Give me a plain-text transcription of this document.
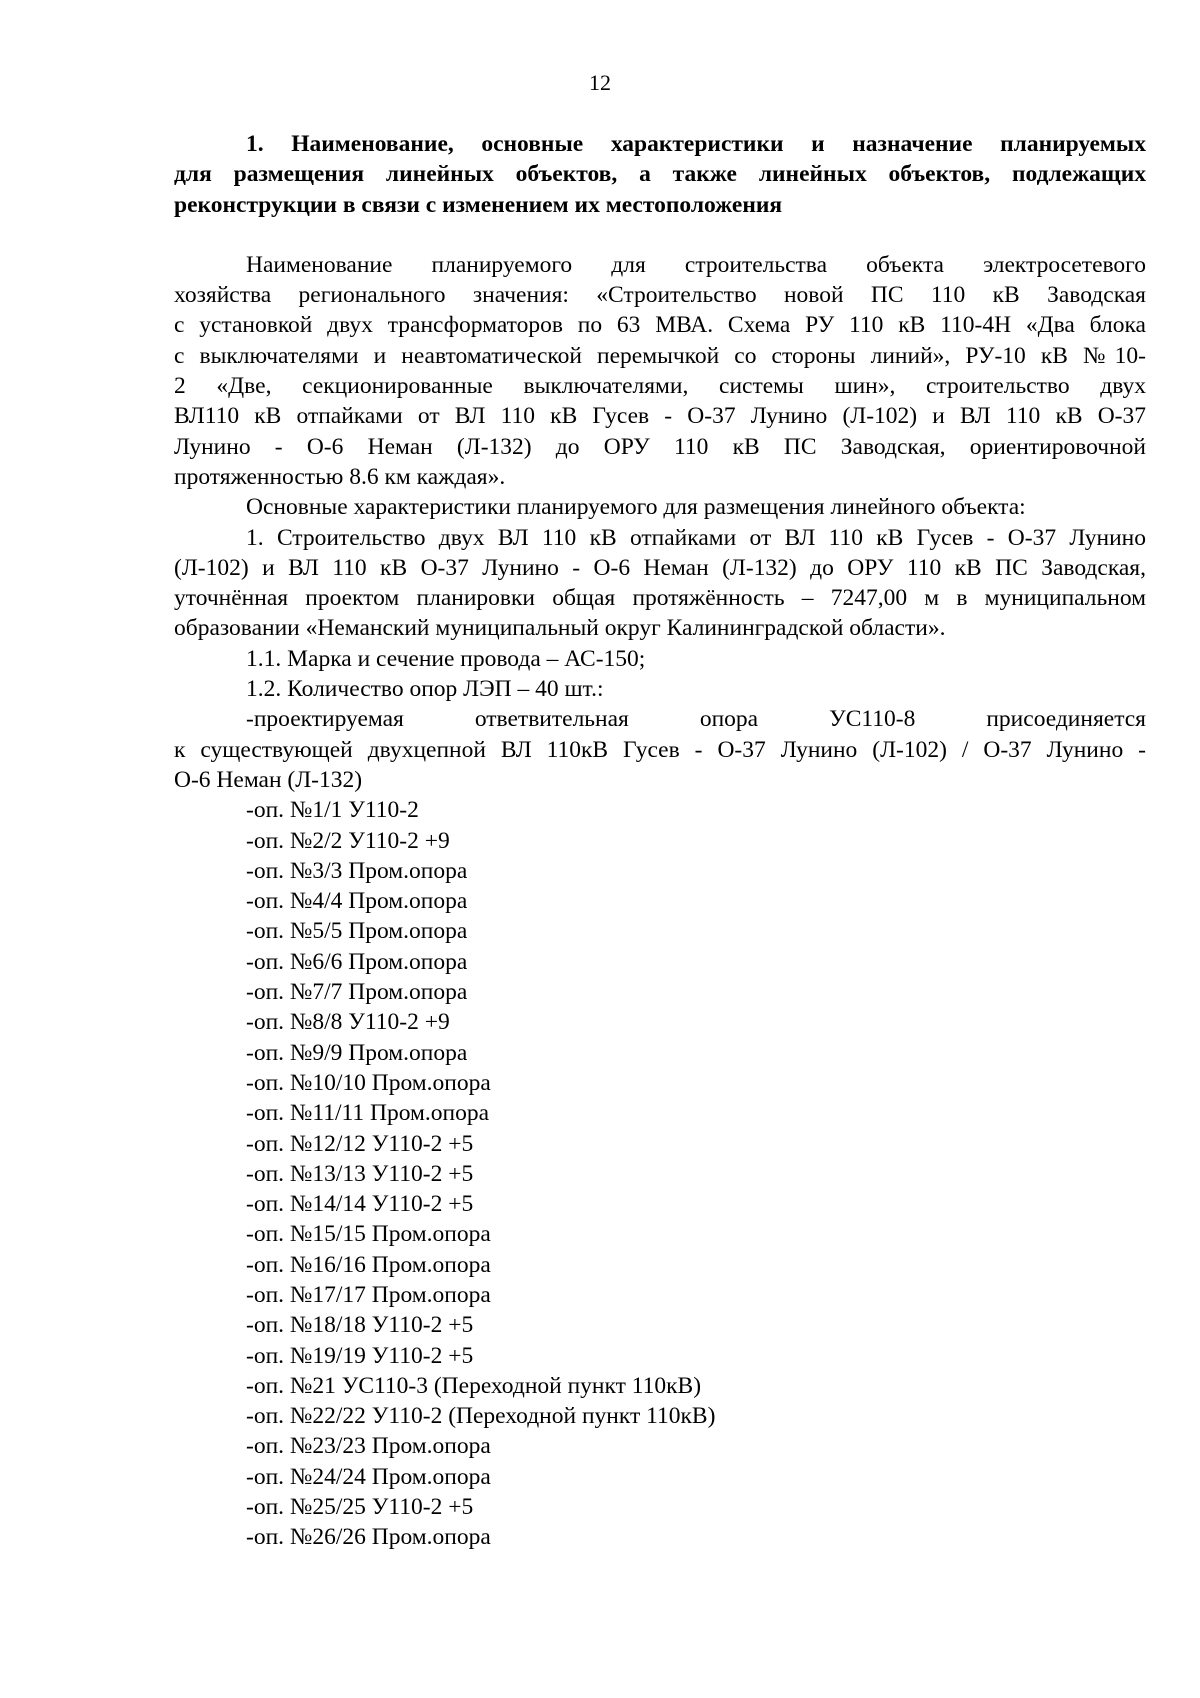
12
1. Наименование, основные характеристики и назначение планируемых
для размещения линейных объектов, а также линейных объектов, подлежащих
реконструкции в связи с изменением их местоположения
Наименование планируемого для строительства объекта электросетевого
хозяйства регионального значения: «Строительство новой ПС 110 кВ Заводская
с установкой двух трансформаторов по 63 МВА. Схема РУ 110 кВ 110-4Н «Два блока
с выключателями и неавтоматической перемычкой со стороны линий», РУ-10 кВ №10-
2 «Две, секционированные выключателями, системы шин», строительство двух
ВЛ110 кВ отпайками от ВЛ 110 кВ Гусев - О-37 Лунино (Л-102) и ВЛ 110 кВ О-37
Лунино - О-6 Неман (Л-132) до ОРУ 110 кВ ПС Заводская, ориентировочной
протяженностью 8.6 км каждая».
Основные характеристики планируемого для размещения линейного объекта:
1. Строительство двух ВЛ 110 кВ отпайками от ВЛ 110 кВ Гусев - О-37 Лунино
(Л-102) и ВЛ 110 кВ О-37 Лунино - О-6 Неман (Л-132) до ОРУ 110 кВ ПС Заводская,
уточнённая проектом планировки общая протяжённость – 7247,00 м в муниципальном
образовании «Неманский муниципальный округ Калининградской области».
1.1. Марка и сечение провода – АС-150;
1.2. Количество опор ЛЭП – 40 шт.:
-проектируемая ответвительная опора УС110-8 присоединяется
к существующей двухцепной ВЛ 110кВ Гусев - О-37 Лунино (Л-102) / О-37 Лунино -
О-6 Неман (Л-132)
-оп. №1/1 У110-2
-оп. №2/2 У110-2 +9
-оп. №3/3 Пром.опора
-оп. №4/4 Пром.опора
-оп. №5/5 Пром.опора
-оп. №6/6 Пром.опора
-оп. №7/7 Пром.опора
-оп. №8/8 У110-2 +9
-оп. №9/9 Пром.опора
-оп. №10/10 Пром.опора
-оп. №11/11 Пром.опора
-оп. №12/12 У110-2 +5
-оп. №13/13 У110-2 +5
-оп. №14/14 У110-2 +5
-оп. №15/15 Пром.опора
-оп. №16/16 Пром.опора
-оп. №17/17 Пром.опора
-оп. №18/18 У110-2 +5
-оп. №19/19 У110-2 +5
-оп. №21 УС110-3 (Переходной пункт 110кВ)
-оп. №22/22 У110-2 (Переходной пункт 110кВ)
-оп. №23/23 Пром.опора
-оп. №24/24 Пром.опора
-оп. №25/25 У110-2 +5
-оп. №26/26 Пром.опора
